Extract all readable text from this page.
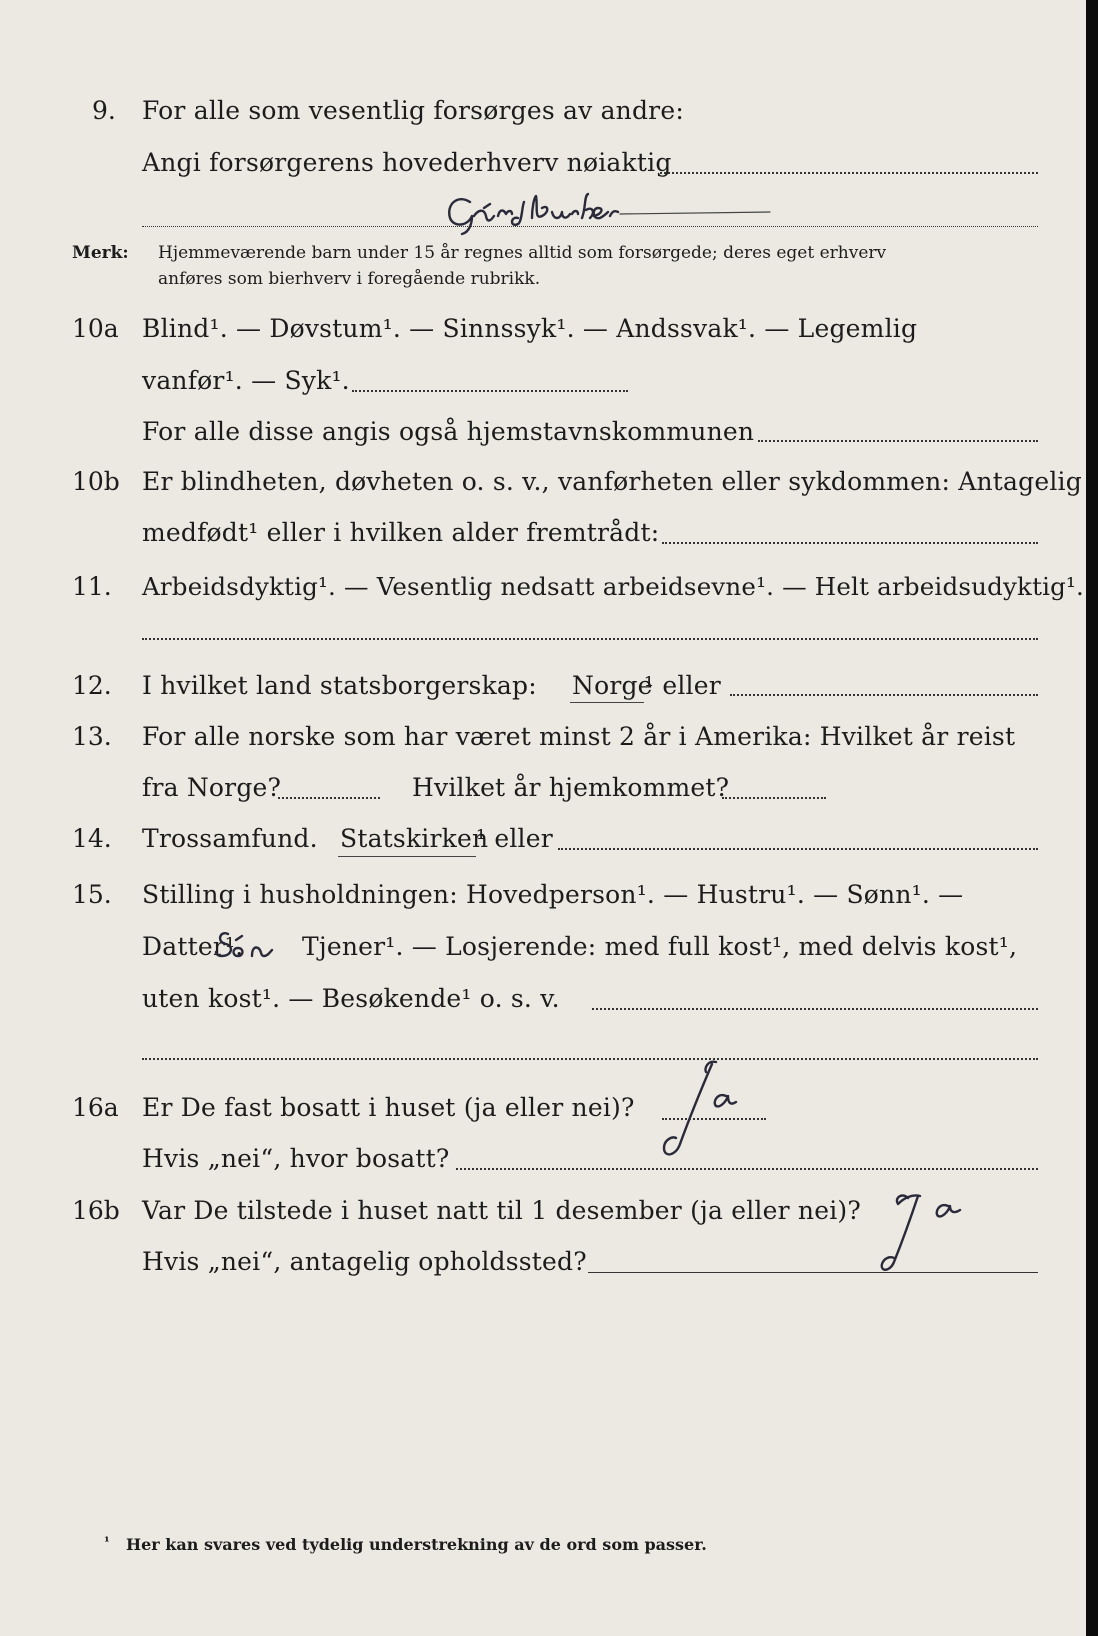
9. For alle som vesentlig forsørges av andre:
Angi forsørgerens hovederhverv nøiaktig
Merk: Hjemmeværende barn under 15 år regnes alltid som forsørgede; deres eget erhverv
anføres som bierhverv i foregående rubrikk.
10a Blind¹. — Døvstum¹. — Sinnssyk¹. — Andssvak¹. — Legemlig
vanfør¹. — Syk¹.
For alle disse angis også hjemstavnskommunen
10b Er blindheten, døvheten o. s. v., vanførheten eller sykdommen: Antagelig
medfødt¹ eller i hvilken alder fremtrådt:
11. Arbeidsdyktig¹. — Vesentlig nedsatt arbeidsevne¹. — Helt arbeidsudyktig¹.
12. I hvilket land statsborgerskap: Norge
¹ eller
13. For alle norske som har været minst 2 år i Amerika: Hvilket år reist
fra Norge?	Hvilket år hjemkommet?
14. Trossamfund. Statskirken
¹ eller
15. Stilling i husholdningen: Hovedperson¹. — Hustru¹. — Sønn¹. —
Datter¹. Tjener¹. — Losjerende: med full kost¹, med delvis kost¹,
uten kost¹. — Besøkende¹ o. s. v.
16a Er De fast bosatt i huset (ja eller nei)?
Hvis „nei“, hvor bosatt?
16b Var De tilstede i huset natt til 1 desember (ja eller nei)?
Hvis „nei“, antagelig opholdssted?
¹ Her kan svares ved tydelig understrekning av de ord som passer.
